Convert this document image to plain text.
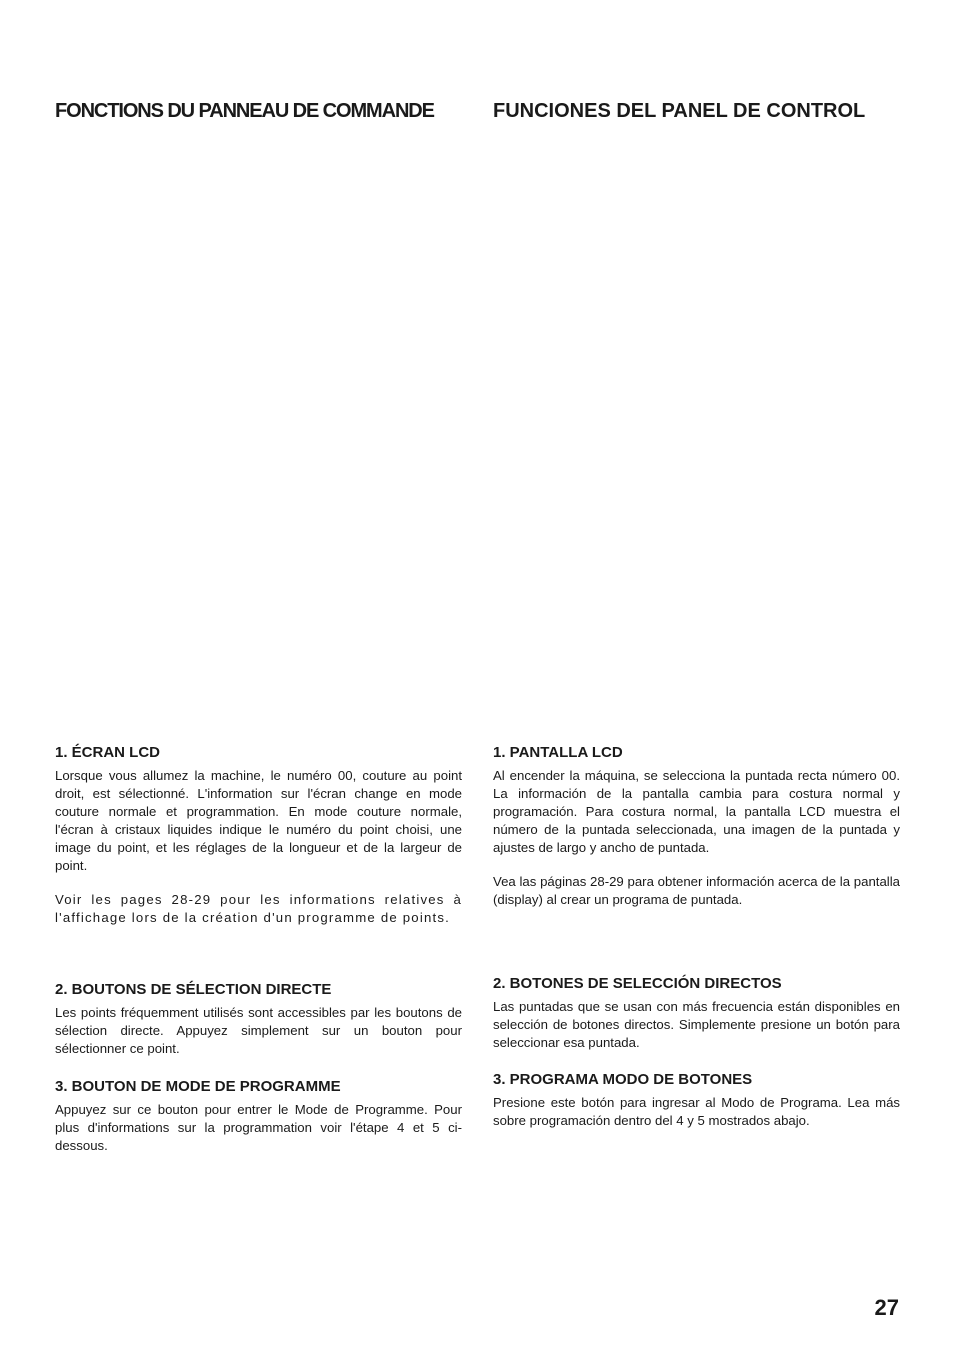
FONCTIONS DU PANNEAU DE COMMANDE	FUNCIONES DEL PANEL DE CONTROL
1. ÉCRAN LCD

Lorsque vous allumez la machine, le numéro 00, couture au point droit, est sélectionné. L'information sur l'écran change en mode couture normale et programmation. En mode couture normale, l'écran à cristaux liquides indique le numéro du point choisi, une image du point, et les réglages de la longueur et de la largeur de point.

Voir les pages 28-29 pour les informations relatives à l'affichage lors de la création d'un programme de points.

2. BOUTONS DE SÉLECTION DIRECTE

Les points fréquemment utilisés sont accessibles par les boutons de sélection directe. Appuyez simplement sur un bouton pour sélectionner ce point.

3. BOUTON DE MODE DE PROGRAMME

Appuyez sur ce bouton pour entrer le Mode de Programme. Pour plus d'informations sur la programmation voir l'étape 4 et 5 ci-dessous.

1. PANTALLA LCD

Al encender la máquina, se selecciona la puntada recta número 00. La información de la pantalla cambia para costura normal y programación. Para costura normal, la pantalla LCD muestra el número de la puntada seleccionada, una imagen de la puntada y ajustes de largo y ancho de puntada.

Vea las páginas 28-29 para obtener información acerca de la pantalla (display) al crear un programa de puntada.

2. BOTONES DE SELECCIÓN DIRECTOS

Las puntadas que se usan con más frecuencia están disponibles en selección de botones directos. Simplemente presione un botón para seleccionar esa puntada.

3. PROGRAMA MODO DE BOTONES

Presione este botón para ingresar al Modo de Programa. Lea más sobre programación dentro del 4 y 5 mostrados abajo.

27
